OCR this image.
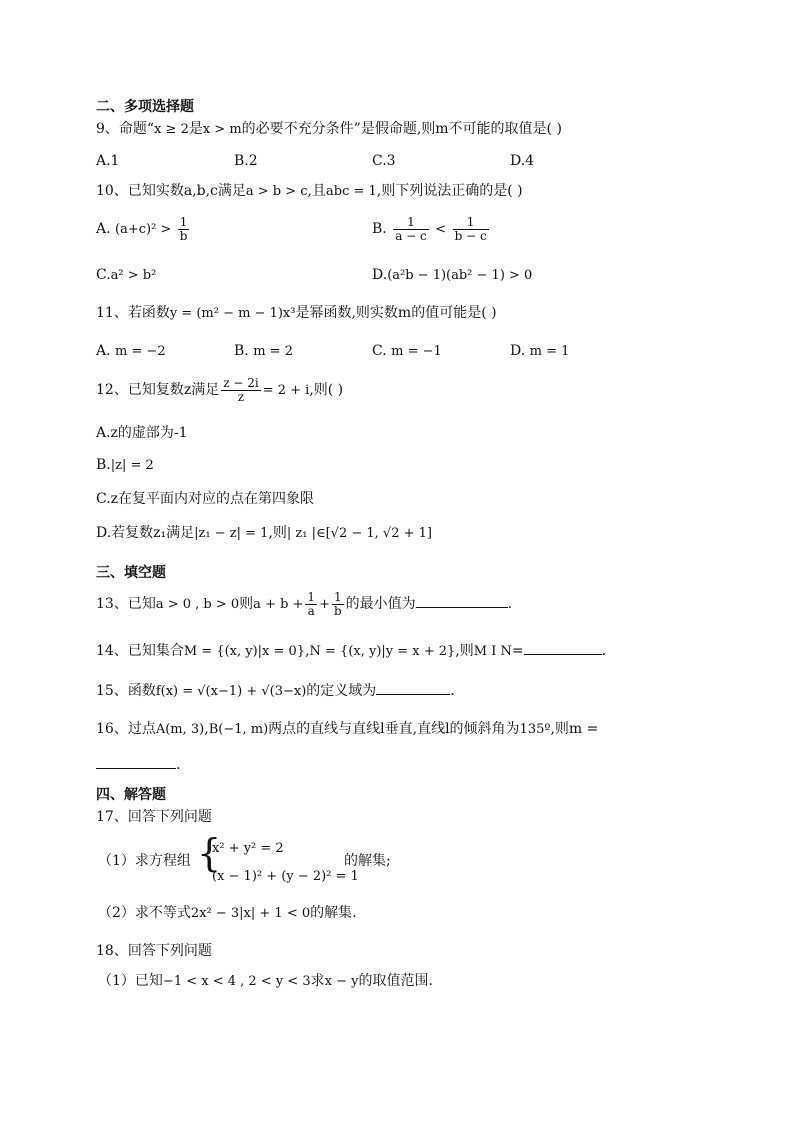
二、多项选择题
9、命题“x ≥ 2是x > m的必要不充分条件”是假命题,则m不可能的取值是( )
A.1	B.2	C.3	D.4
10、已知实数a,b,c满足a > b > c,且abc = 1,则下列说法正确的是( )
A. $(a+c)^2 > \frac{1}{b}$	B. $\frac{1}{a - c} < \frac{1}{b - c}$
C.a² > b²	D.(a²b − 1)(ab² − 1) > 0
11、若函数y = (m² − m − 1)x³是幂函数,则实数m的值可能是( )
A. m = −2	B. m = 2	C. m = −1	D. m = 1
12、已知复数z满足 $\frac{z - 2i}{z} = 2 + i$,则( )
A.z的虚部为-1
B.|z| = 2
C.z在复平面内对应的点在第四象限
D.若复数z₁满足|z₁ − z| = 1,则| z₁ |∈[√2 − 1, √2 + 1]
三、填空题
13、已知a > 0 , b > 0则$a + b + \frac{1}{a} + \frac{1}{b}$ 的最小值为	.
14、已知集合M = {(x, y)|x = 0},N = {(x, y)|y = x + 2},则M I N=	.
15、函数f(x) = √(x−1) + √(3−x)的定义域为	.
16、过点A(m, 3),B(−1, m)两点的直线与直线l垂直,直线l的倾斜角为135º,则m =
.
四、解答题
17、回答下列问题
（1）求方程组 {
x² + y² = 2
(x − 1)² + (y − 2)² = 1
的解集;
（2）求不等式2x² − 3|x| + 1 < 0的解集.
18、回答下列问题
（1）已知−1 < x < 4 , 2 < y < 3求x − y的取值范围.
